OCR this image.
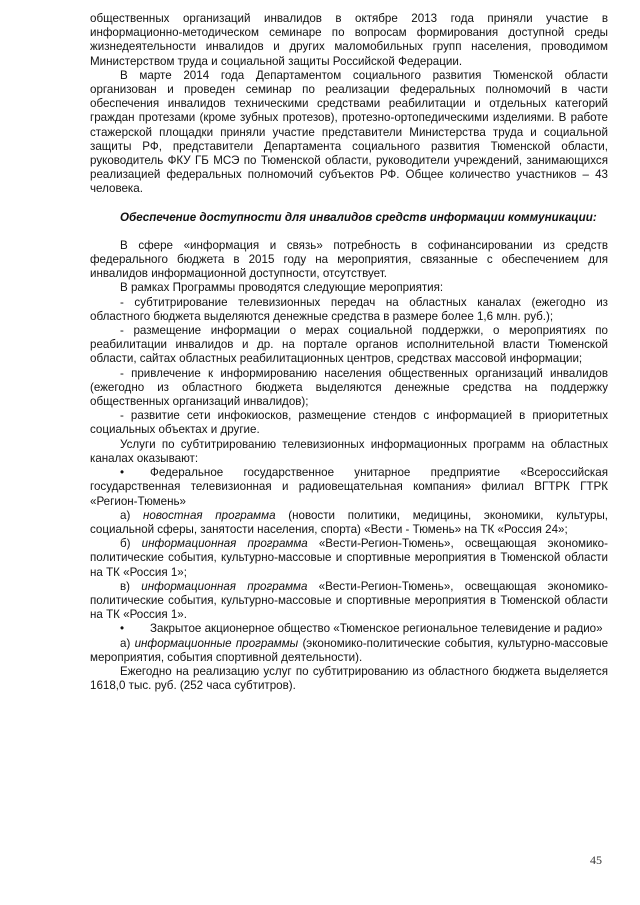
общественных организаций инвалидов в октябре 2013 года приняли участие в информационно-методическом семинаре по вопросам формирования доступной среды жизнедеятельности инвалидов и других маломобильных групп населения, проводимом Министерством труда и социальной защиты Российской Федерации.

В марте 2014 года Департаментом социального развития Тюменской области организован и проведен семинар по реализации федеральных полномочий в части обеспечения инвалидов техническими средствами реабилитации и отдельных категорий граждан протезами (кроме зубных протезов), протезно-ортопедическими изделиями. В работе стажерской площадки приняли участие представители Министерства труда и социальной защиты РФ, представители Департамента социального развития Тюменской области, руководитель ФКУ ГБ МСЭ по Тюменской области, руководители учреждений, занимающихся реализацией федеральных полномочий субъектов РФ. Общее количество участников – 43 человека.

Обеспечение доступности для инвалидов средств информации коммуникации:

В сфере «информация и связь» потребность в софинансировании из средств федерального бюджета в 2015 году на мероприятия, связанные с обеспечением для инвалидов информационной доступности, отсутствует.

В рамках Программы проводятся следующие мероприятия:

- субтитрирование телевизионных передач на областных каналах (ежегодно из областного бюджета выделяются денежные средства в размере более 1,6 млн. руб.);

- размещение информации о мерах социальной поддержки, о мероприятиях по реабилитации инвалидов и др. на портале органов исполнительной власти Тюменской области, сайтах областных реабилитационных центров, средствах массовой информации;

- привлечение к информированию населения общественных организаций инвалидов (ежегодно из областного бюджета выделяются денежные средства на поддержку общественных организаций инвалидов);

- развитие сети инфокиосков, размещение стендов с информацией в приоритетных социальных объектах и другие.

Услуги по субтитрированию телевизионных информационных программ на областных каналах оказывают:

• Федеральное государственное унитарное предприятие «Всероссийская государственная телевизионная и радиовещательная компания» филиал ВГТРК ГТРК «Регион-Тюмень»

а) новостная программа (новости политики, медицины, экономики, культуры, социальной сферы, занятости населения, спорта) «Вести - Тюмень» на ТК «Россия 24»;

б) информационная программа «Вести-Регион-Тюмень», освещающая экономико-политические события, культурно-массовые и спортивные мероприятия в Тюменской области на ТК «Россия 1»;

в) информационная программа «Вести-Регион-Тюмень», освещающая экономико-политические события, культурно-массовые и спортивные мероприятия в Тюменской области на ТК «Россия 1».

• Закрытое акционерное общество «Тюменское региональное телевидение и радио»

а) информационные программы (экономико-политические события, культурно-массовые мероприятия, события спортивной деятельности).

Ежегодно на реализацию услуг по субтитрированию из областного бюджета выделяется 1618,0 тыс. руб. (252 часа субтитров).

45
